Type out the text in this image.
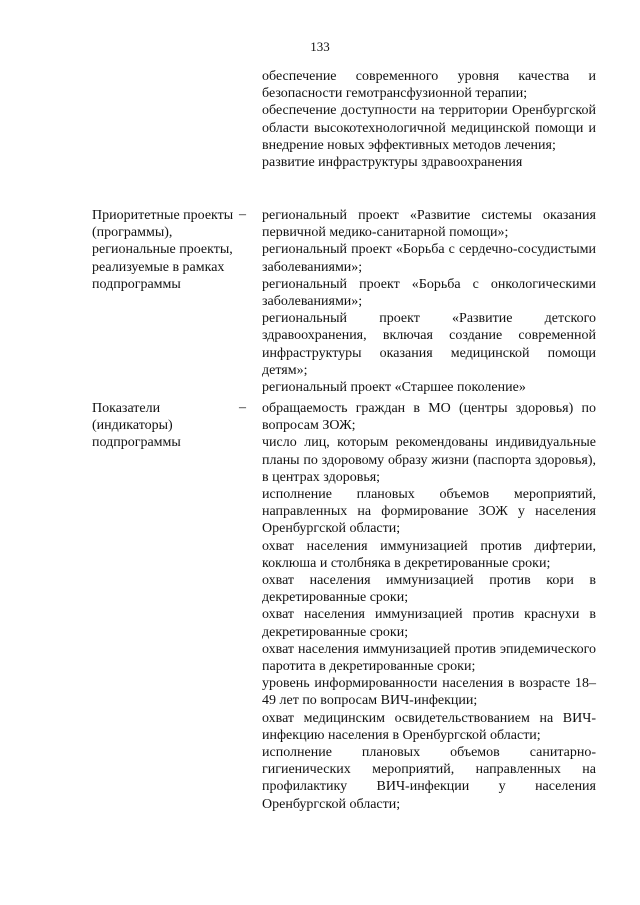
133

обеспечение современного уровня качества и безопасности гемотрансфузионной терапии;

обеспечение доступности на территории Оренбургской области высокотехнологичной медицинской помощи и внедрение новых эффективных методов лечения;

развитие инфраструктуры здравоохранения

Приоритетные проекты (программы), региональные проекты, реализуемые в рамках подпрограммы
– региональный проект «Развитие системы оказания первичной медико-санитарной помощи»;

региональный проект «Борьба с сердечно-сосудистыми заболеваниями»;

региональный проект «Борьба с онкологическими заболеваниями»;

региональный проект «Развитие детского здравоохранения, включая создание современной инфраструктуры оказания медицинской помощи детям»;

региональный проект «Старшее поколение»

Показатели (индикаторы) подпрограммы
– обращаемость граждан в МО (центры здоровья) по вопросам ЗОЖ;

число лиц, которым рекомендованы индивидуальные планы по здоровому образу жизни (паспорта здоровья), в центрах здоровья;

исполнение плановых объемов мероприятий, направленных на формирование ЗОЖ у населения Оренбургской области;

охват населения иммунизацией против дифтерии, коклюша и столбняка в декретированные сроки;

охват населения иммунизацией против кори в декретированные сроки;

охват населения иммунизацией против краснухи в декретированные сроки;

охват населения иммунизацией против эпидемического паротита в декретированные сроки;

уровень информированности населения в возрасте 18–49 лет по вопросам ВИЧ-инфекции;

охват медицинским освидетельствованием на ВИЧ-инфекцию населения в Оренбургской области;

исполнение плановых объемов санитарно-гигиенических мероприятий, направленных на профилактику ВИЧ-инфекции у населения Оренбургской области;
